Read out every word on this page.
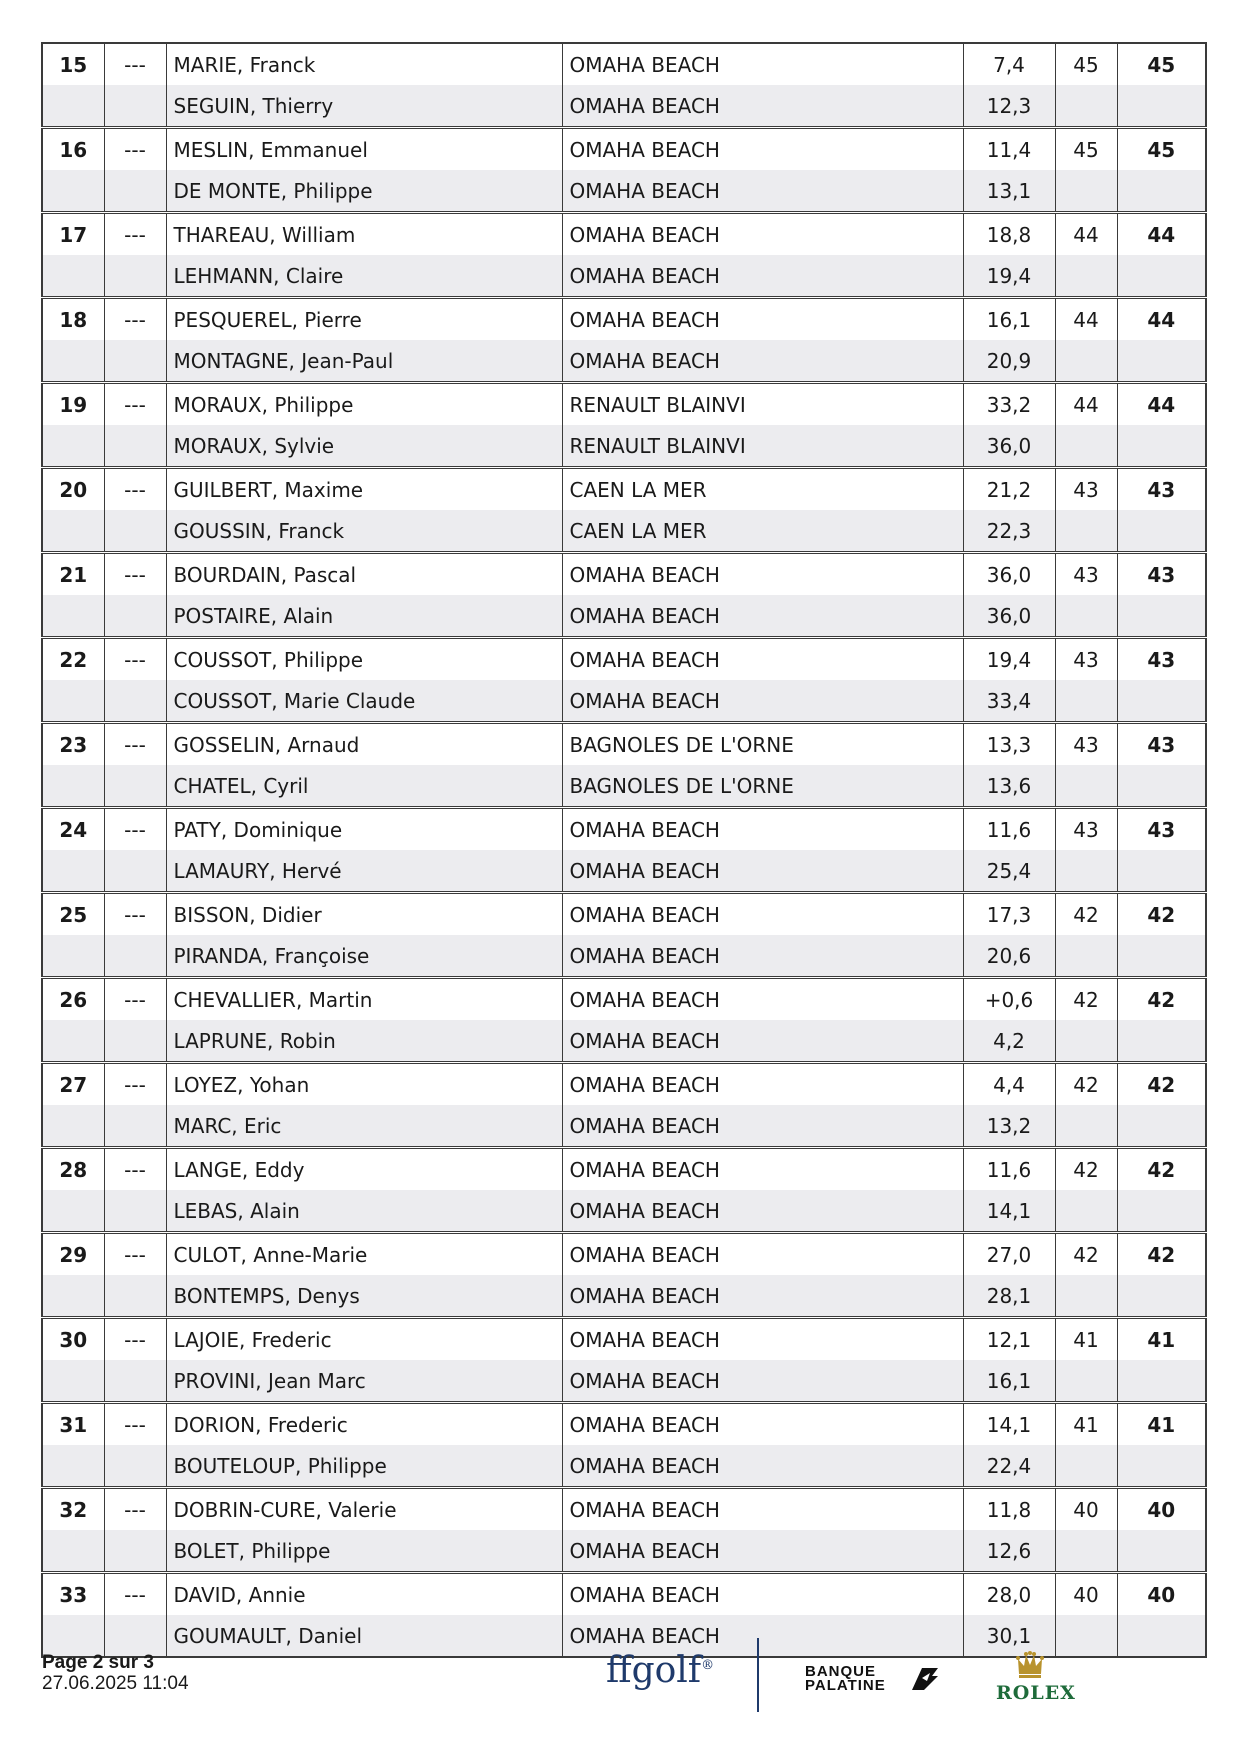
15	---	MARIE, Franck	OMAHA BEACH	7,4	45	45
		SEGUIN, Thierry	OMAHA BEACH	12,3		
16	---	MESLIN, Emmanuel	OMAHA BEACH	11,4	45	45
		DE MONTE, Philippe	OMAHA BEACH	13,1		
17	---	THAREAU, William	OMAHA BEACH	18,8	44	44
		LEHMANN, Claire	OMAHA BEACH	19,4		
18	---	PESQUEREL, Pierre	OMAHA BEACH	16,1	44	44
		MONTAGNE, Jean-Paul	OMAHA BEACH	20,9		
19	---	MORAUX, Philippe	RENAULT BLAINVI	33,2	44	44
		MORAUX, Sylvie	RENAULT BLAINVI	36,0		
20	---	GUILBERT, Maxime	CAEN LA MER	21,2	43	43
		GOUSSIN, Franck	CAEN LA MER	22,3		
21	---	BOURDAIN, Pascal	OMAHA BEACH	36,0	43	43
		POSTAIRE, Alain	OMAHA BEACH	36,0		
22	---	COUSSOT, Philippe	OMAHA BEACH	19,4	43	43
		COUSSOT, Marie Claude	OMAHA BEACH	33,4		
23	---	GOSSELIN, Arnaud	BAGNOLES DE L'ORNE	13,3	43	43
		CHATEL, Cyril	BAGNOLES DE L'ORNE	13,6		
24	---	PATY, Dominique	OMAHA BEACH	11,6	43	43
		LAMAURY, Hervé	OMAHA BEACH	25,4		
25	---	BISSON, Didier	OMAHA BEACH	17,3	42	42
		PIRANDA, Françoise	OMAHA BEACH	20,6		
26	---	CHEVALLIER, Martin	OMAHA BEACH	+0,6	42	42
		LAPRUNE, Robin	OMAHA BEACH	4,2		
27	---	LOYEZ, Yohan	OMAHA BEACH	4,4	42	42
		MARC, Eric	OMAHA BEACH	13,2		
28	---	LANGE, Eddy	OMAHA BEACH	11,6	42	42
		LEBAS, Alain	OMAHA BEACH	14,1		
29	---	CULOT, Anne-Marie	OMAHA BEACH	27,0	42	42
		BONTEMPS, Denys	OMAHA BEACH	28,1		
30	---	LAJOIE, Frederic	OMAHA BEACH	12,1	41	41
		PROVINI, Jean Marc	OMAHA BEACH	16,1		
31	---	DORION, Frederic	OMAHA BEACH	14,1	41	41
		BOUTELOUP, Philippe	OMAHA BEACH	22,4		
32	---	DOBRIN-CURE, Valerie	OMAHA BEACH	11,8	40	40
		BOLET, Philippe	OMAHA BEACH	12,6		
33	---	DAVID, Annie	OMAHA BEACH	28,0	40	40
		GOUMAULT, Daniel	OMAHA BEACH	30,1		
Page 2 sur 3
27.06.2025 11:04	ffgolf®	BANQUE
PALATINE	ROLEX
